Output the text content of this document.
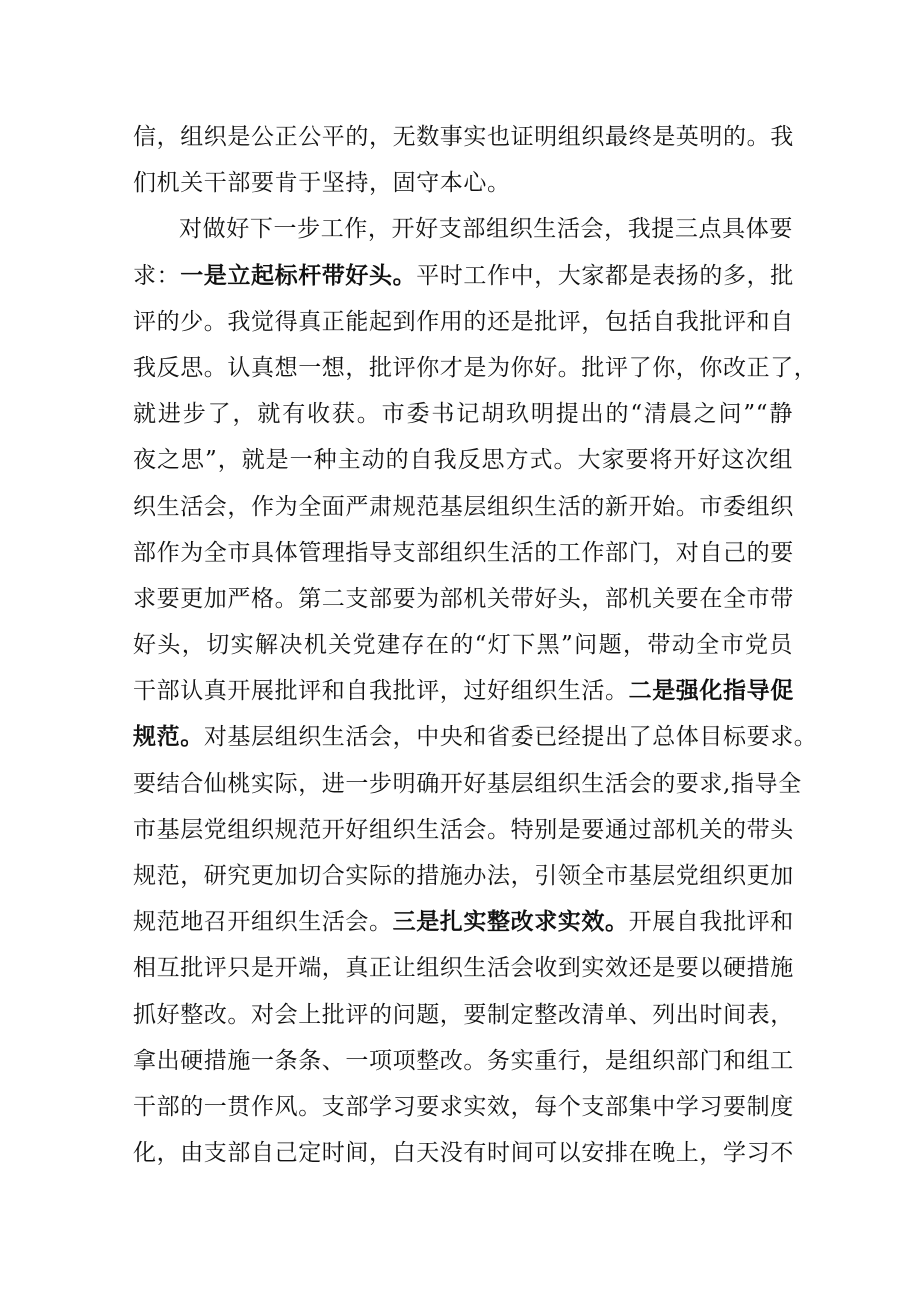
信，组织是公正公平的，无数事实也证明组织最终是英明的。我
们机关干部要肯于坚持，固守本心。
对做好下一步工作，开好支部组织生活会，我提三点具体要
求：一是立起标杆带好头。平时工作中，大家都是表扬的多，批
评的少。我觉得真正能起到作用的还是批评，包括自我批评和自
我反思。认真想一想，批评你才是为你好。批评了你，你改正了，
就进步了，就有收获。市委书记胡玖明提出的“清晨之问”“静
夜之思”，就是一种主动的自我反思方式。大家要将开好这次组
织生活会，作为全面严肃规范基层组织生活的新开始。市委组织
部作为全市具体管理指导支部组织生活的工作部门，对自己的要
求要更加严格。第二支部要为部机关带好头，部机关要在全市带
好头，切实解决机关党建存在的“灯下黑”问题，带动全市党员
干部认真开展批评和自我批评，过好组织生活。二是强化指导促
规范。对基层组织生活会，中央和省委已经提出了总体目标要求。
要结合仙桃实际，进一步明确开好基层组织生活会的要求,指导全
市基层党组织规范开好组织生活会。特别是要通过部机关的带头
规范，研究更加切合实际的措施办法，引领全市基层党组织更加
规范地召开组织生活会。三是扎实整改求实效。开展自我批评和
相互批评只是开端，真正让组织生活会收到实效还是要以硬措施
抓好整改。对会上批评的问题，要制定整改清单、列出时间表，
拿出硬措施一条条、一项项整改。务实重行，是组织部门和组工
干部的一贯作风。支部学习要求实效，每个支部集中学习要制度
化，由支部自己定时间，白天没有时间可以安排在晚上，学习不
